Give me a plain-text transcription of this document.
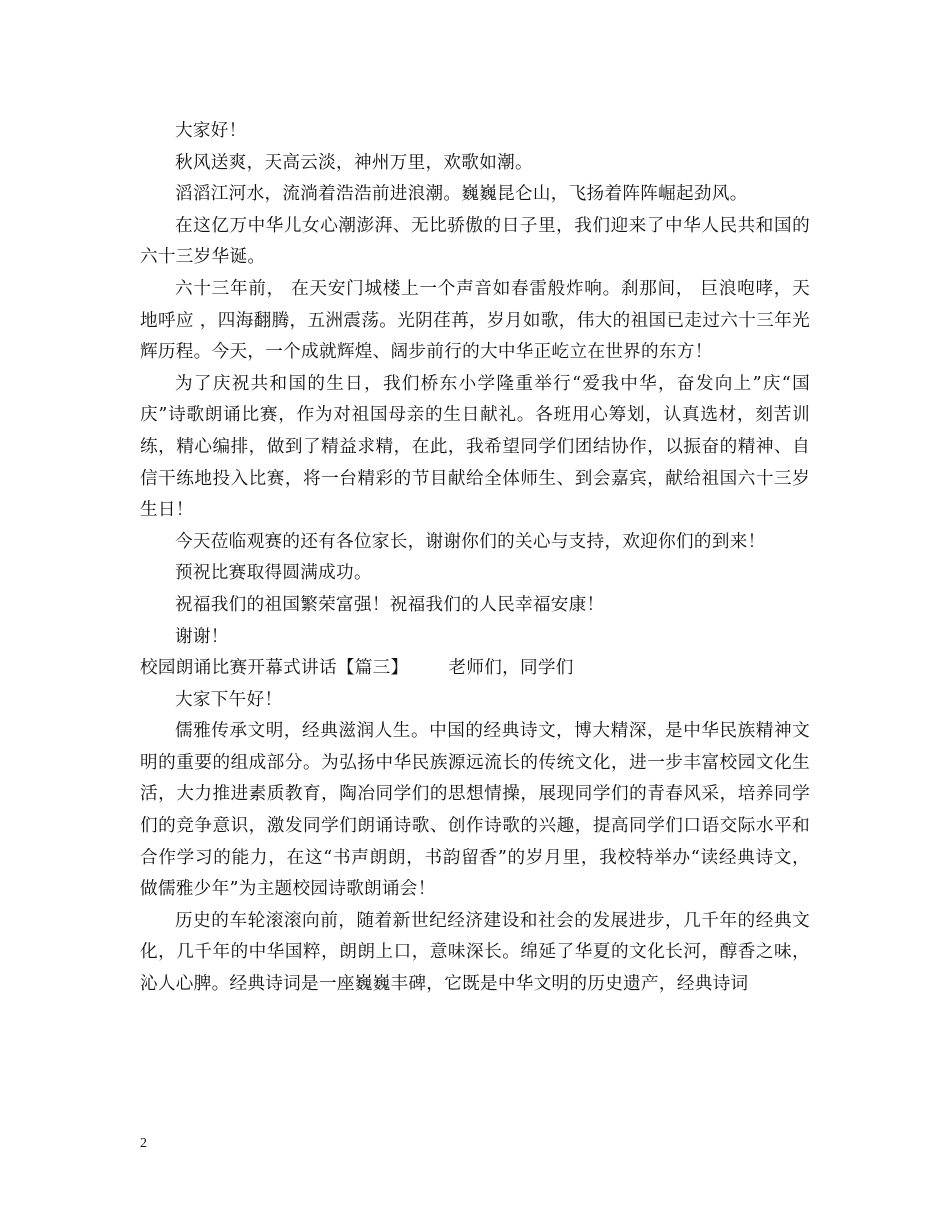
大家好！

秋风送爽，天高云淡，神州万里，欢歌如潮。

滔滔江河水，流淌着浩浩前进浪潮。巍巍昆仑山，飞扬着阵阵崛起劲风。

在这亿万中华儿女心潮澎湃、无比骄傲的日子里，我们迎来了中华人民共和国的六十三岁华诞。

六十三年前， 在天安门城楼上一个声音如春雷般炸响。刹那间， 巨浪咆哮，天地呼应 ，四海翻腾，五洲震荡。光阴荏苒，岁月如歌，伟大的祖国已走过六十三年光辉历程。今天，一个成就辉煌、阔步前行的大中华正屹立在世界的东方！

为了庆祝共和国的生日，我们桥东小学隆重举行“爱我中华，奋发向上”庆“国庆”诗歌朗诵比赛，作为对祖国母亲的生日献礼。各班用心筹划，认真选材，刻苦训练，精心编排，做到了精益求精，在此，我希望同学们团结协作，以振奋的精神、自信干练地投入比赛，将一台精彩的节目献给全体师生、到会嘉宾，献给祖国六十三岁生日！

今天莅临观赛的还有各位家长，谢谢你们的关心与支持，欢迎你们的到来！

预祝比赛取得圆满成功。

祝福我们的祖国繁荣富强！祝福我们的人民幸福安康！

谢谢！

校园朗诵比赛开幕式讲话【篇三】 老师们，同学们

大家下午好！

儒雅传承文明，经典滋润人生。中国的经典诗文，博大精深，是中华民族精神文明的重要的组成部分。为弘扬中华民族源远流长的传统文化，进一步丰富校园文化生活，大力推进素质教育，陶冶同学们的思想情操，展现同学们的青春风采，培养同学们的竞争意识，激发同学们朗诵诗歌、创作诗歌的兴趣，提高同学们口语交际水平和合作学习的能力，在这“书声朗朗，书韵留香”的岁月里，我校特举办“读经典诗文，做儒雅少年”为主题校园诗歌朗诵会！

历史的车轮滚滚向前，随着新世纪经济建设和社会的发展进步，几千年的经典文化，几千年的中华国粹，朗朗上口，意味深长。绵延了华夏的文化长河，醇香之味，沁人心脾。经典诗词是一座巍巍丰碑，它既是中华文明的历史遗产，经典诗词

2
